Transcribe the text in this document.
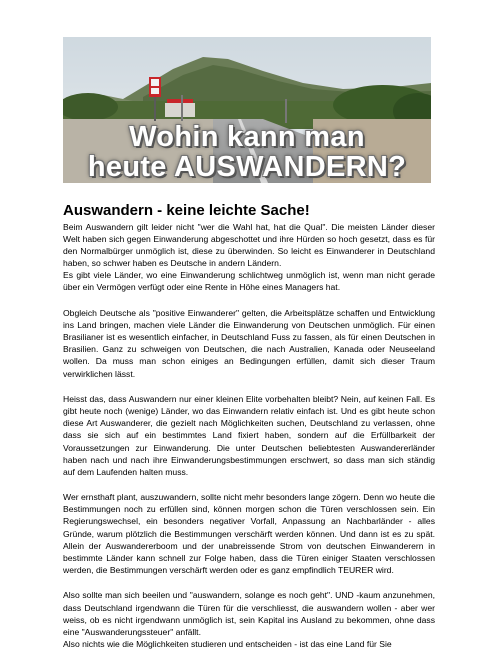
Wohin kann man
heute AUSWANDERN?
Auswandern - keine leichte Sache!

Beim Auswandern gilt leider nicht "wer die Wahl hat, hat die Qual". Die meisten Länder dieser Welt haben sich gegen Einwanderung abgeschottet und ihre Hürden so hoch gesetzt, dass es für den Normalbürger unmöglich ist, diese zu überwinden. So leicht es Einwanderer in Deutschland haben, so schwer haben es Deutsche in andern Ländern.

Es gibt viele Länder, wo eine Einwanderung schlichtweg unmöglich ist, wenn man nicht gerade über ein Vermögen verfügt oder eine Rente in Höhe eines Managers hat.

Obgleich Deutsche als "positive Einwanderer" gelten, die Arbeitsplätze schaffen und Entwicklung ins Land bringen, machen viele Länder die Einwanderung von Deutschen unmöglich. Für einen Brasilianer ist es wesentlich einfacher, in Deutschland Fuss zu fassen, als für einen Deutschen in Brasilien. Ganz zu schweigen von Deutschen, die nach Australien, Kanada oder Neuseeland wollen. Da muss man schon einiges an Bedingungen erfüllen, damit sich dieser Traum verwirklichen lässt.

Heisst das, dass Auswandern nur einer kleinen Elite vorbehalten bleibt? Nein, auf keinen Fall. Es gibt heute noch (wenige) Länder, wo das Einwandern relativ einfach ist. Und es gibt heute schon diese Art Auswanderer, die gezielt nach Möglichkeiten suchen, Deutschland zu verlassen, ohne dass sie sich auf ein bestimmtes Land fixiert haben, sondern auf die Erfüllbarkeit der Voraussetzungen zur Einwanderung. Die unter Deutschen beliebtesten Auswandererländer haben nach und nach ihre Einwanderungsbestimmungen erschwert, so dass man sich ständig auf dem Laufenden halten muss.

Wer ernsthaft plant, auszuwandern, sollte nicht mehr besonders lange zögern. Denn wo heute die Bestimmungen noch zu erfüllen sind, können morgen schon die Türen verschlossen sein. Ein Regierungswechsel, ein besonders negativer Vorfall, Anpassung an Nachbarländer - alles Gründe, warum plötzlich die Bestimmungen verschärft werden können. Und dann ist es zu spät. Allein der Auswandererboom und der unabreissende Strom von deutschen Einwanderern in bestimmte Länder kann schnell zur Folge haben, dass die Türen einiger Staaten verschlossen werden, die Bestimmungen verschärft werden oder es ganz empfindlich TEURER wird.

Also sollte man sich beeilen und "auswandern, solange es noch geht". UND -kaum anzunehmen, dass Deutschland irgendwann die Türen für die verschliesst, die auswandern wollen - aber wer weiss, ob es nicht irgendwann unmöglich ist, sein Kapital ins Ausland zu bekommen, ohne dass eine "Auswanderungssteuer" anfällt.

Also nichts wie die Möglichkeiten studieren und entscheiden - ist das eine Land für Sie
